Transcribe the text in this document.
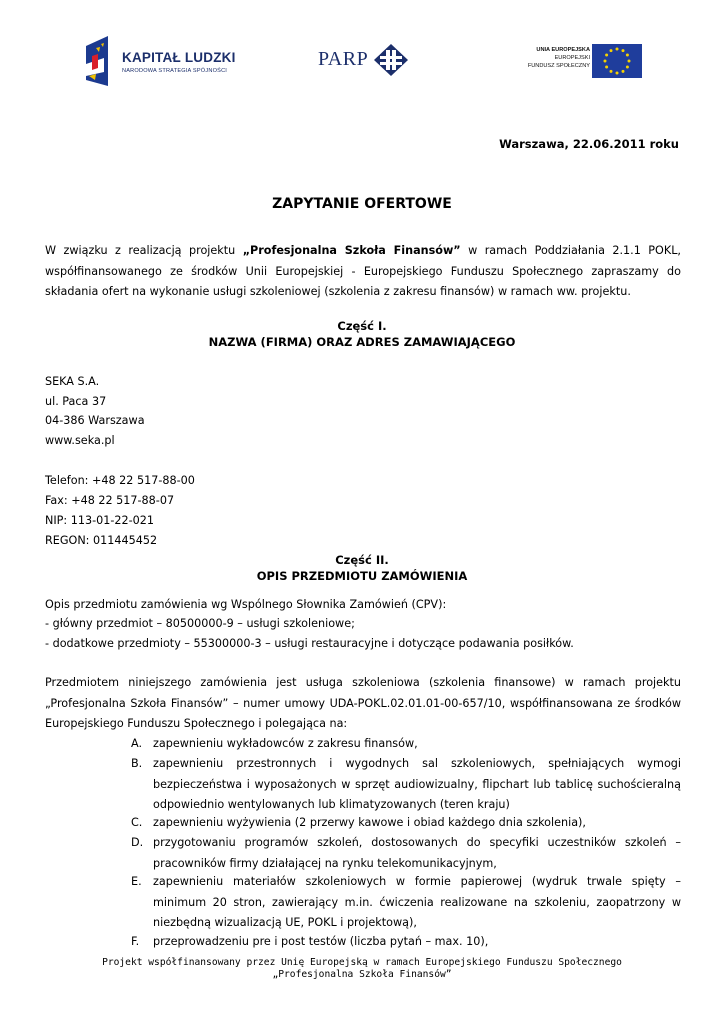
KAPITAŁ LUDZKI
NARODOWA STRATEGIA SPÓJNOŚCI
PARP	UNIA EUROPEJSKA
EUROPEJSKI
FUNDUSZ SPOŁECZNY
Warszawa, 22.06.2011 roku
ZAPYTANIE OFERTOWE
W związku z realizacją projektu „Profesjonalna Szkoła Finansów” w ramach Poddziałania 2.1.1 POKL, współfinansowanego ze środków Unii Europejskiej - Europejskiego Funduszu Społecznego zapraszamy do składania ofert na wykonanie usługi szkoleniowej (szkolenia z zakresu finansów) w ramach ww. projektu.
Część I.
NAZWA (FIRMA) ORAZ ADRES ZAMAWIAJĄCEGO
SEKA S.A.
ul. Paca 37
04-386 Warszawa
www.seka.pl
Telefon: +48 22 517-88-00
Fax: +48 22 517-88-07
NIP: 113-01-22-021
REGON: 011445452
Część II.
OPIS PRZEDMIOTU ZAMÓWIENIA
Opis przedmiotu zamówienia wg Wspólnego Słownika Zamówień (CPV):
- główny przedmiot – 80500000-9 – usługi szkoleniowe;
- dodatkowe przedmioty – 55300000-3 – usługi restauracyjne i dotyczące podawania posiłków.
Przedmiotem niniejszego zamówienia jest usługa szkoleniowa (szkolenia finansowe) w ramach projektu „Profesjonalna Szkoła Finansów” – numer umowy UDA-POKL.02.01.01-00-657/10, współfinansowana ze środków Europejskiego Funduszu Społecznego i polegająca na:
A. zapewnieniu wykładowców z zakresu finansów,
B. zapewnieniu przestronnych i wygodnych sal szkoleniowych, spełniających wymogi bezpieczeństwa i wyposażonych w sprzęt audiowizualny, flipchart lub tablicę suchościeralną odpowiednio wentylowanych lub klimatyzowanych (teren kraju)
C. zapewnieniu wyżywienia (2 przerwy kawowe i obiad każdego dnia szkolenia),
D. przygotowaniu programów szkoleń, dostosowanych do specyfiki uczestników szkoleń – pracowników firmy działającej na rynku telekomunikacyjnym,
E. zapewnieniu materiałów szkoleniowych w formie papierowej (wydruk trwale spięty – minimum 20 stron, zawierający m.in. ćwiczenia realizowane na szkoleniu, zaopatrzony w niezbędną wizualizacją UE, POKL i projektową),
F. przeprowadzeniu pre i post testów (liczba pytań – max. 10),
Projekt współfinansowany przez Unię Europejską w ramach Europejskiego Funduszu Społecznego
„Profesjonalna Szkoła Finansów”
